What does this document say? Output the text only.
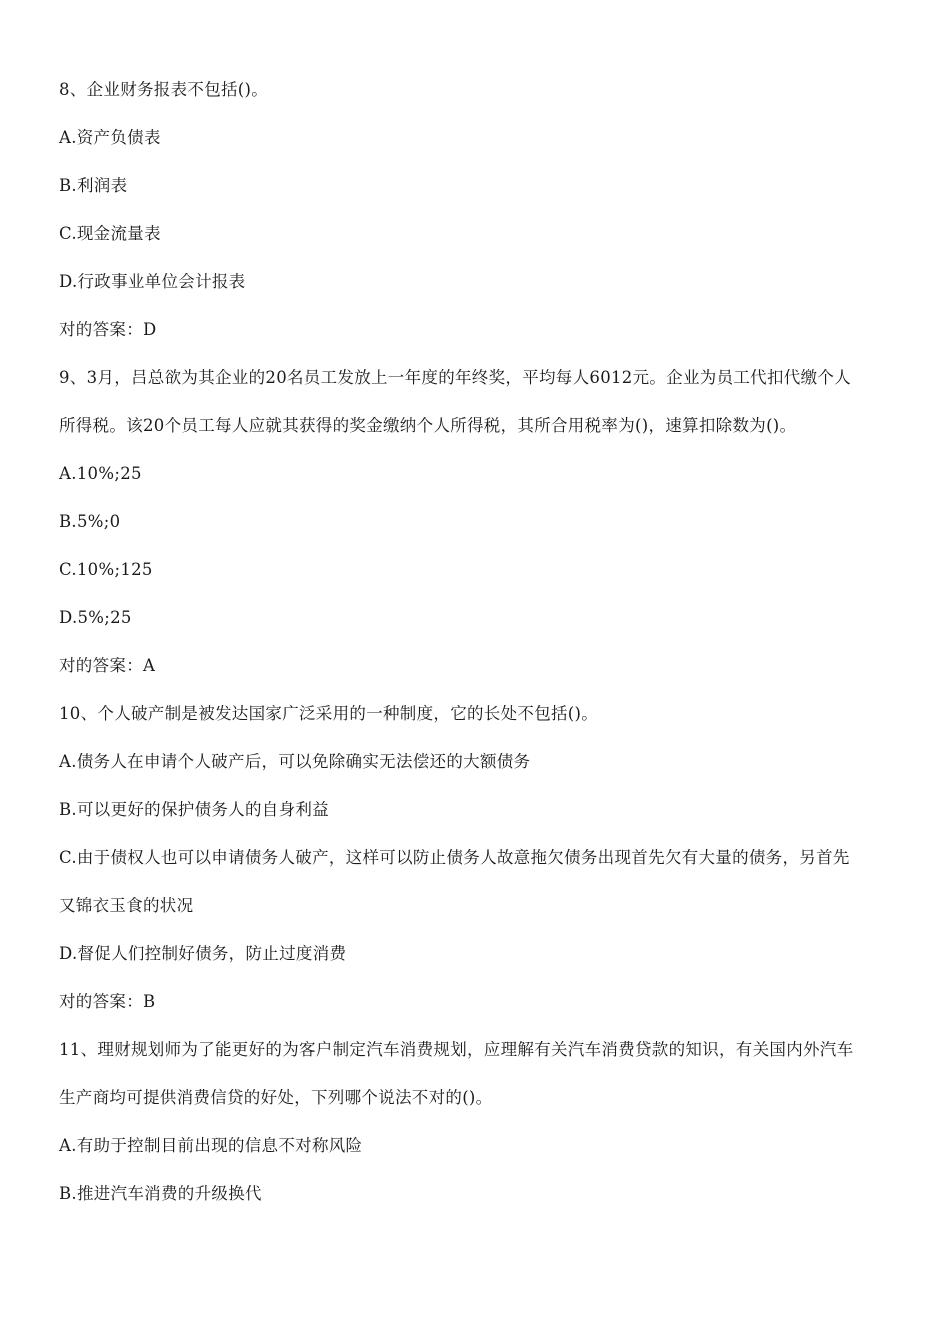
8、企业财务报表不包括()。
A.资产负债表
B.利润表
C.现金流量表
D.行政事业单位会计报表
对的答案：D
9、3月，吕总欲为其企业的20名员工发放上一年度的年终奖，平均每人6012元。企业为员工代扣代缴个人
所得税。该20个员工每人应就其获得的奖金缴纳个人所得税，其所合用税率为()，速算扣除数为()。
A.10%;25
B.5%;0
C.10%;125
D.5%;25
对的答案：A
10、个人破产制是被发达国家广泛采用的一种制度，它的长处不包括()。
A.债务人在申请个人破产后，可以免除确实无法偿还的大额债务
B.可以更好的保护债务人的自身利益
C.由于债权人也可以申请债务人破产，这样可以防止债务人故意拖欠债务出现首先欠有大量的债务，另首先
又锦衣玉食的状况
D.督促人们控制好债务，防止过度消费
对的答案：B
11、理财规划师为了能更好的为客户制定汽车消费规划，应理解有关汽车消费贷款的知识，有关国内外汽车
生产商均可提供消费信贷的好处，下列哪个说法不对的()。
A.有助于控制目前出现的信息不对称风险
B.推进汽车消费的升级换代
